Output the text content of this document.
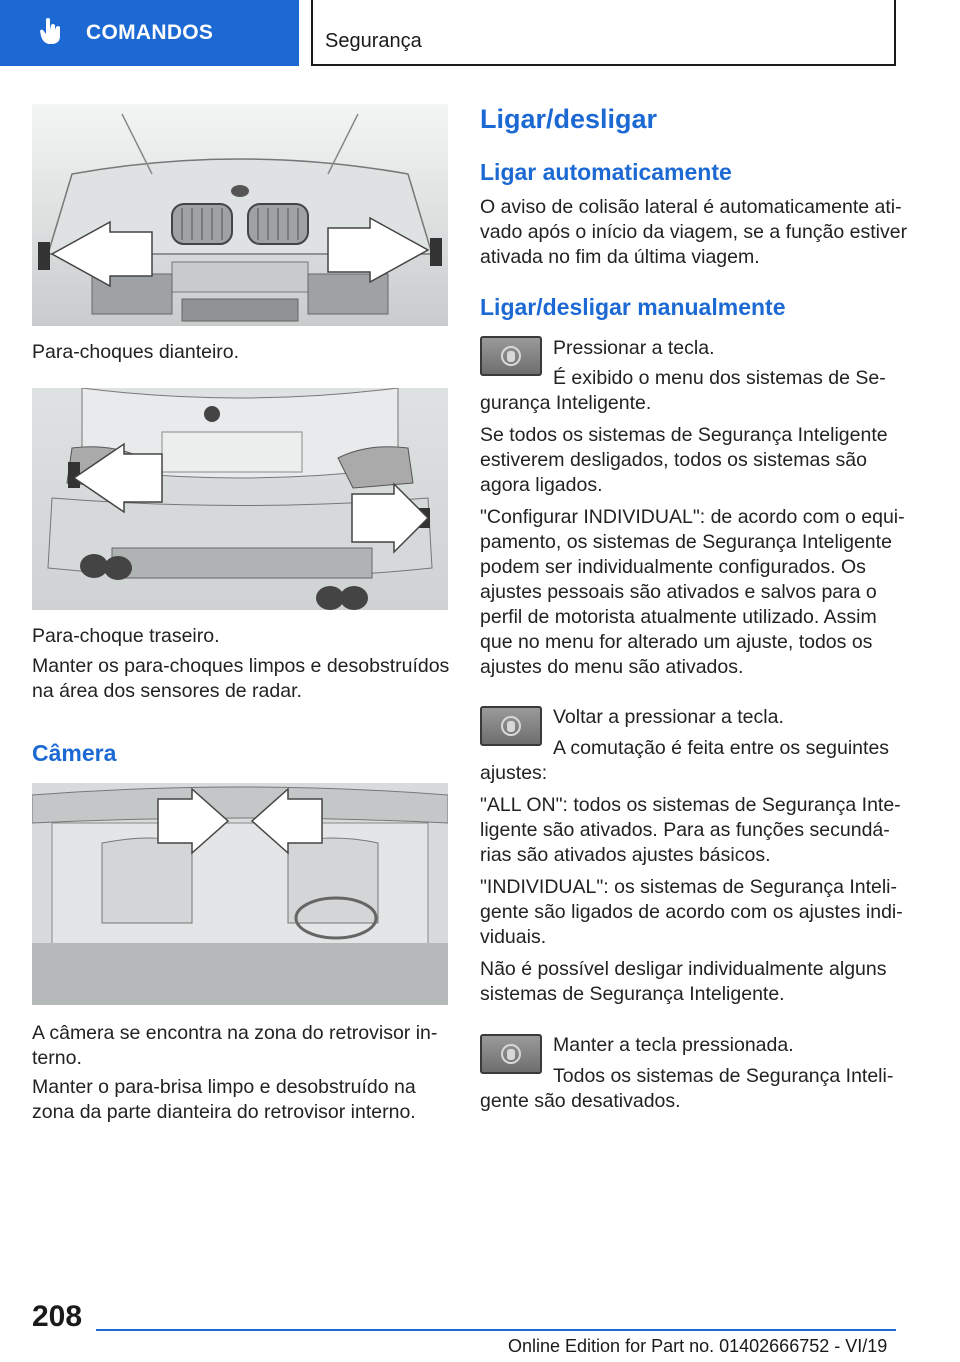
COMANDOS	Segurança
Para-choques dianteiro.
Para-choque traseiro.
Manter os para-choques limpos e desobstruídos
na área dos sensores de radar.
Câmera
A câmera se encontra na zona do retrovisor in-
terno.
Manter o para-brisa limpo e desobstruído na
zona da parte dianteira do retrovisor interno.
Ligar/desligar
Ligar automaticamente
O aviso de colisão lateral é automaticamente ati-
vado após o início da viagem, se a função estiver
ativada no fim da última viagem.
Ligar/desligar manualmente
Pressionar a tecla.
É exibido o menu dos sistemas de Se-
gurança Inteligente.
Se todos os sistemas de Segurança Inteligente
estiverem desligados, todos os sistemas são
agora ligados.
"Configurar INDIVIDUAL": de acordo com o equi-
pamento, os sistemas de Segurança Inteligente
podem ser individualmente configurados. Os
ajustes pessoais são ativados e salvos para o
perfil de motorista atualmente utilizado. Assim
que no menu for alterado um ajuste, todos os
ajustes do menu são ativados.
Voltar a pressionar a tecla.
A comutação é feita entre os seguintes
ajustes:
"ALL ON": todos os sistemas de Segurança Inte-
ligente são ativados. Para as funções secundá-
rias são ativados ajustes básicos.
"INDIVIDUAL": os sistemas de Segurança Inteli-
gente são ligados de acordo com os ajustes indi-
viduais.
Não é possível desligar individualmente alguns
sistemas de Segurança Inteligente.
Manter a tecla pressionada.
Todos os sistemas de Segurança Inteli-
gente são desativados.
208
Online Edition for Part no. 01402666752 - VI/19
